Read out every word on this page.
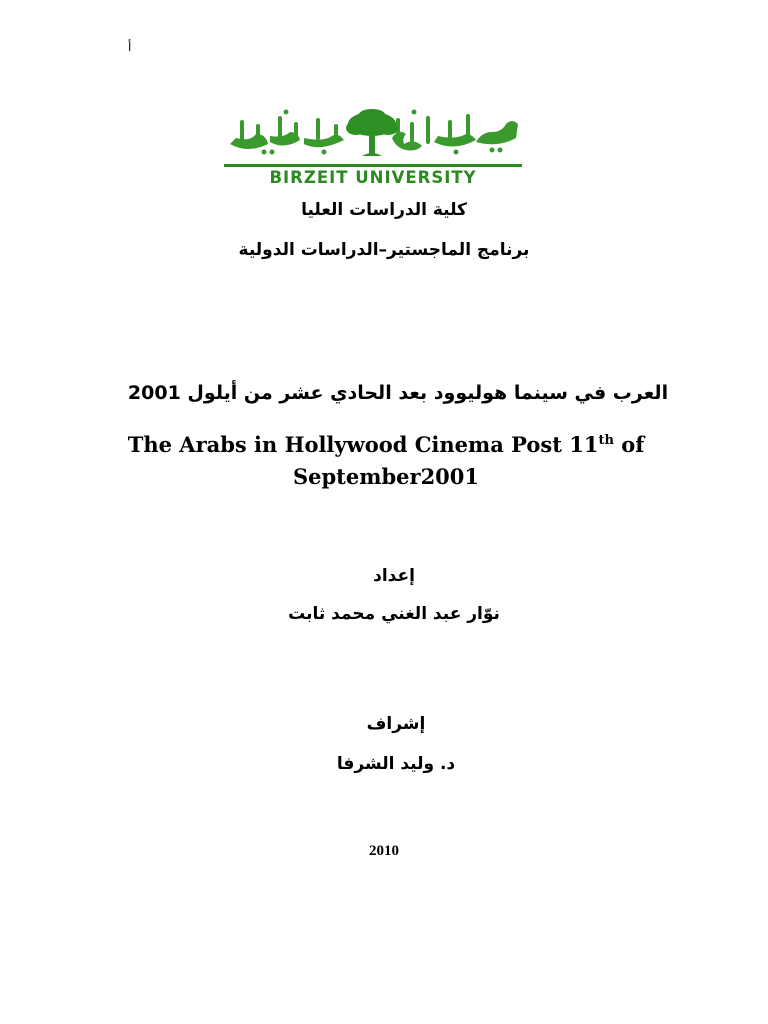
أ
BIRZEIT UNIVERSITY
كلية الدراسات العليا
برنامج الماجستير–الدراسات الدولية
العرب في سينما هوليوود بعد الحادي عشر من أيلول 2001
The Arabs in Hollywood Cinema Post 11th of
September2001
إعداد
نوّار عبد الغني محمد ثابت
إشراف
د. وليد الشرفا
2010
